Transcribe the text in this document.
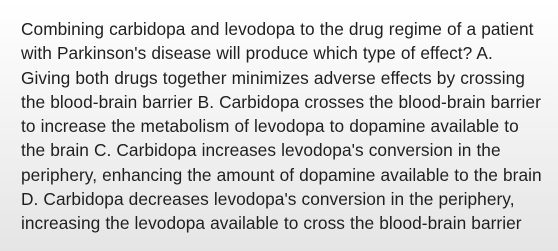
Combining carbidopa and levodopa to the drug regime of a patient with Parkinson's disease will produce which type of effect? A. Giving both drugs together minimizes adverse effects by crossing the blood-brain barrier B. Carbidopa crosses the blood-brain barrier to increase the metabolism of levodopa to dopamine available to the brain C. Carbidopa increases levodopa's conversion in the periphery, enhancing the amount of dopamine available to the brain D. Carbidopa decreases levodopa's conversion in the periphery, increasing the levodopa available to cross the blood-brain barrier
